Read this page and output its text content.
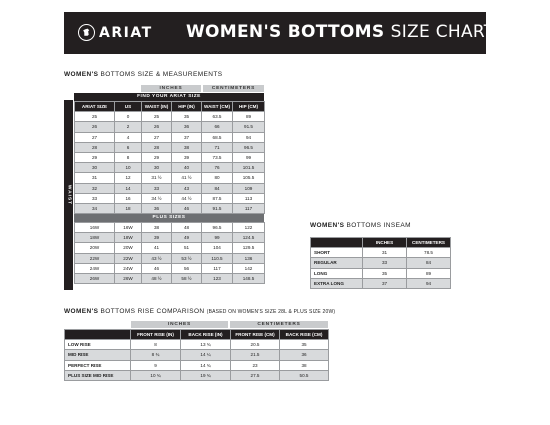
ARIAT WOMEN'S BOTTOMS SIZE CHART
WOMEN'S BOTTOMS SIZE & MEASUREMENTS
INCHES	CENTIMETERS
FIND YOUR ARIAT SIZE
WAIST
ARIAT SIZE	US	WAIST (IN)	HIP (IN)	WAIST (CM)	HIP (CM)
25	0	25	35	63.5	89
26	2	26	36	66	91.5
27	4	27	37	68.5	94
28	6	28	38	71	96.5
29	8	29	39	73.5	99
30	10	30	40	76	101.5
31	12	31 ½	41 ½	80	105.5
32	14	33	43	84	109
33	16	34 ½	44 ½	87.5	113
34	18	36	46	91.5	117
PLUS SIZES
16W	16W	38	48	96.5	122
18W	18W	39	49	99	124.5
20W	20W	41	51	104	129.5
22W	22W	43 ½	53 ½	110.5	136
24W	24W	46	56	117	142
26W	26W	48 ½	58 ½	123	148.5
WOMEN'S BOTTOMS INSEAM
	INCHES	CENTIMETERS
SHORT	31	78.5
REGULAR	33	84
LONG	35	89
EXTRA LONG	37	94
WOMEN'S BOTTOMS RISE COMPARISON (BASED ON WOMEN'S SIZE 28L & PLUS SIZE 20W)
INCHES	CENTIMETERS
	FRONT RISE (IN)	BACK RISE (IN)	FRONT RISE (CM)	BACK RISE (CM)
LOW RISE	8	13 ¾	20.5	35
MID RISE	8 ¾	14 ¼	21.5	36
PERFECT RISE	9	14 ¾	23	38
PLUS SIZE MID RISE	10 ¾	19 ¾	27.5	50.5
